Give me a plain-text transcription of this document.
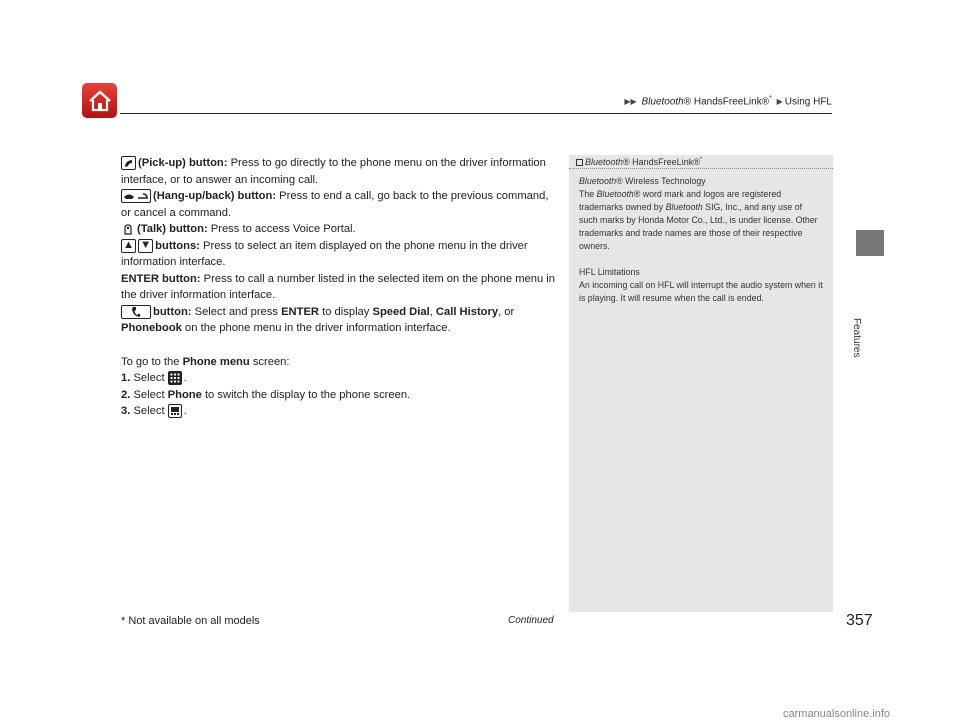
▶▶ Bluetooth® HandsFreeLink®* ▶ Using HFL
Features

(Pick-up) button: Press to go directly to the phone menu on the driver information interface, or to answer an incoming call.

(Hang-up/back) button: Press to end a call, go back to the previous command, or cancel a command.

(Talk) button: Press to access Voice Portal.

▲ ▼ buttons: Press to select an item displayed on the phone menu in the driver information interface.

ENTER button: Press to call a number listed in the selected item on the phone menu in the driver information interface.

button: Select and press ENTER to display Speed Dial, Call History, or Phonebook on the phone menu in the driver information interface.

To go to the Phone menu screen:

1. Select .

2. Select Phone to switch the display to the phone screen.

3. Select .

Bluetooth® HandsFreeLink®*

Bluetooth® Wireless Technology

The Bluetooth® word mark and logos are registered trademarks owned by Bluetooth SIG, Inc., and any use of such marks by Honda Motor Co., Ltd., is under license. Other trademarks and trade names are those of their respective owners.

HFL Limitations

An incoming call on HFL will interrupt the audio system when it is playing. It will resume when the call is ended.

* Not available on all models	Continued	357
carmanualsonline.info
